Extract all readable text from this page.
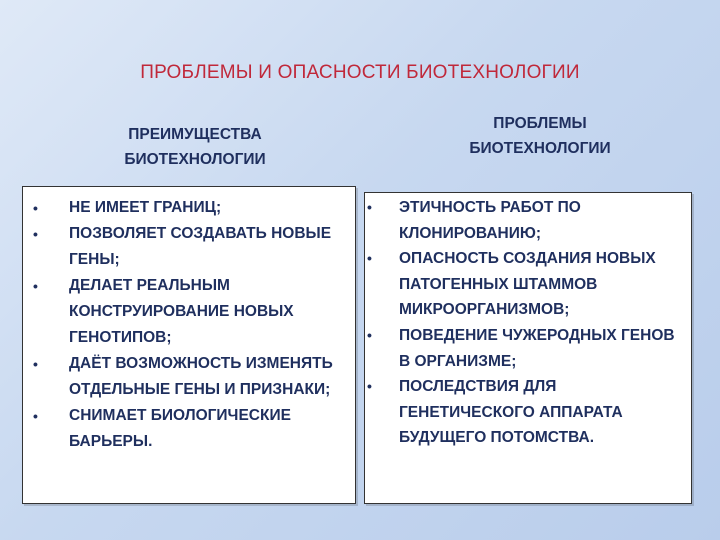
ПРОБЛЕМЫ И ОПАСНОСТИ БИОТЕХНОЛОГИИ
ПРЕИМУЩЕСТВА
БИОТЕХНОЛОГИИ
ПРОБЛЕМЫ
БИОТЕХНОЛОГИИ
•	НЕ ИМЕЕТ ГРАНИЦ;
•	ПОЗВОЛЯЕТ СОЗДАВАТЬ НОВЫЕ ГЕНЫ;
•	ДЕЛАЕТ РЕАЛЬНЫМ КОНСТРУИРОВАНИЕ НОВЫХ ГЕНОТИПОВ;
•	ДАЁТ ВОЗМОЖНОСТЬ ИЗМЕНЯТЬ ОТДЕЛЬНЫЕ ГЕНЫ И ПРИЗНАКИ;
•	СНИМАЕТ БИОЛОГИЧЕСКИЕ БАРЬЕРЫ.
•	ЭТИЧНОСТЬ РАБОТ ПО КЛОНИРОВАНИЮ;
•	ОПАСНОСТЬ СОЗДАНИЯ НОВЫХ ПАТОГЕННЫХ ШТАММОВ МИКРООРГАНИЗМОВ;
•	ПОВЕДЕНИЕ ЧУЖЕРОДНЫХ ГЕНОВ В ОРГАНИЗМЕ;
•	ПОСЛЕДСТВИЯ ДЛЯ ГЕНЕТИЧЕСКОГО АППАРАТА БУДУЩЕГО ПОТОМСТВА.
